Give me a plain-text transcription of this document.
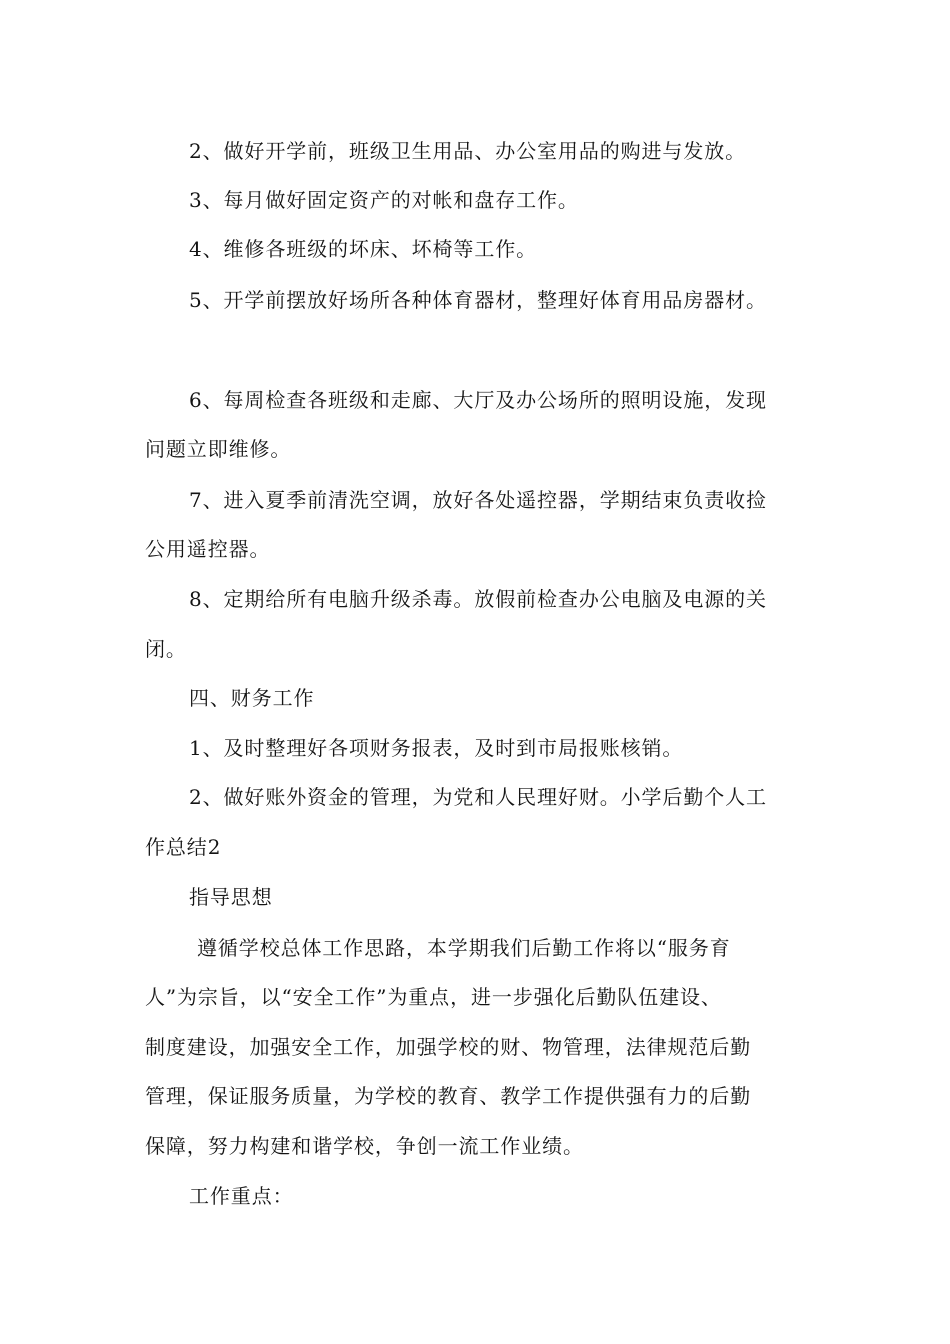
2、做好开学前，班级卫生用品、办公室用品的购进与发放。
3、每月做好固定资产的对帐和盘存工作。
4、维修各班级的坏床、坏椅等工作。
5、开学前摆放好场所各种体育器材，整理好体育用品房器材。
6、每周检查各班级和走廊、大厅及办公场所的照明设施，发现
问题立即维修。
7、进入夏季前清洗空调，放好各处遥控器，学期结束负责收捡
公用遥控器。
8、定期给所有电脑升级杀毒。放假前检查办公电脑及电源的关
闭。
四、财务工作
1、及时整理好各项财务报表，及时到市局报账核销。
2、做好账外资金的管理，为党和人民理好财。小学后勤个人工
作总结2
指导思想
遵循学校总体工作思路，本学期我们后勤工作将以“服务育
人”为宗旨，以“安全工作”为重点，进一步强化后勤队伍建设、
制度建设，加强安全工作，加强学校的财、物管理，法律规范后勤
管理，保证服务质量，为学校的教育、教学工作提供强有力的后勤
保障，努力构建和谐学校，争创一流工作业绩。
工作重点：
